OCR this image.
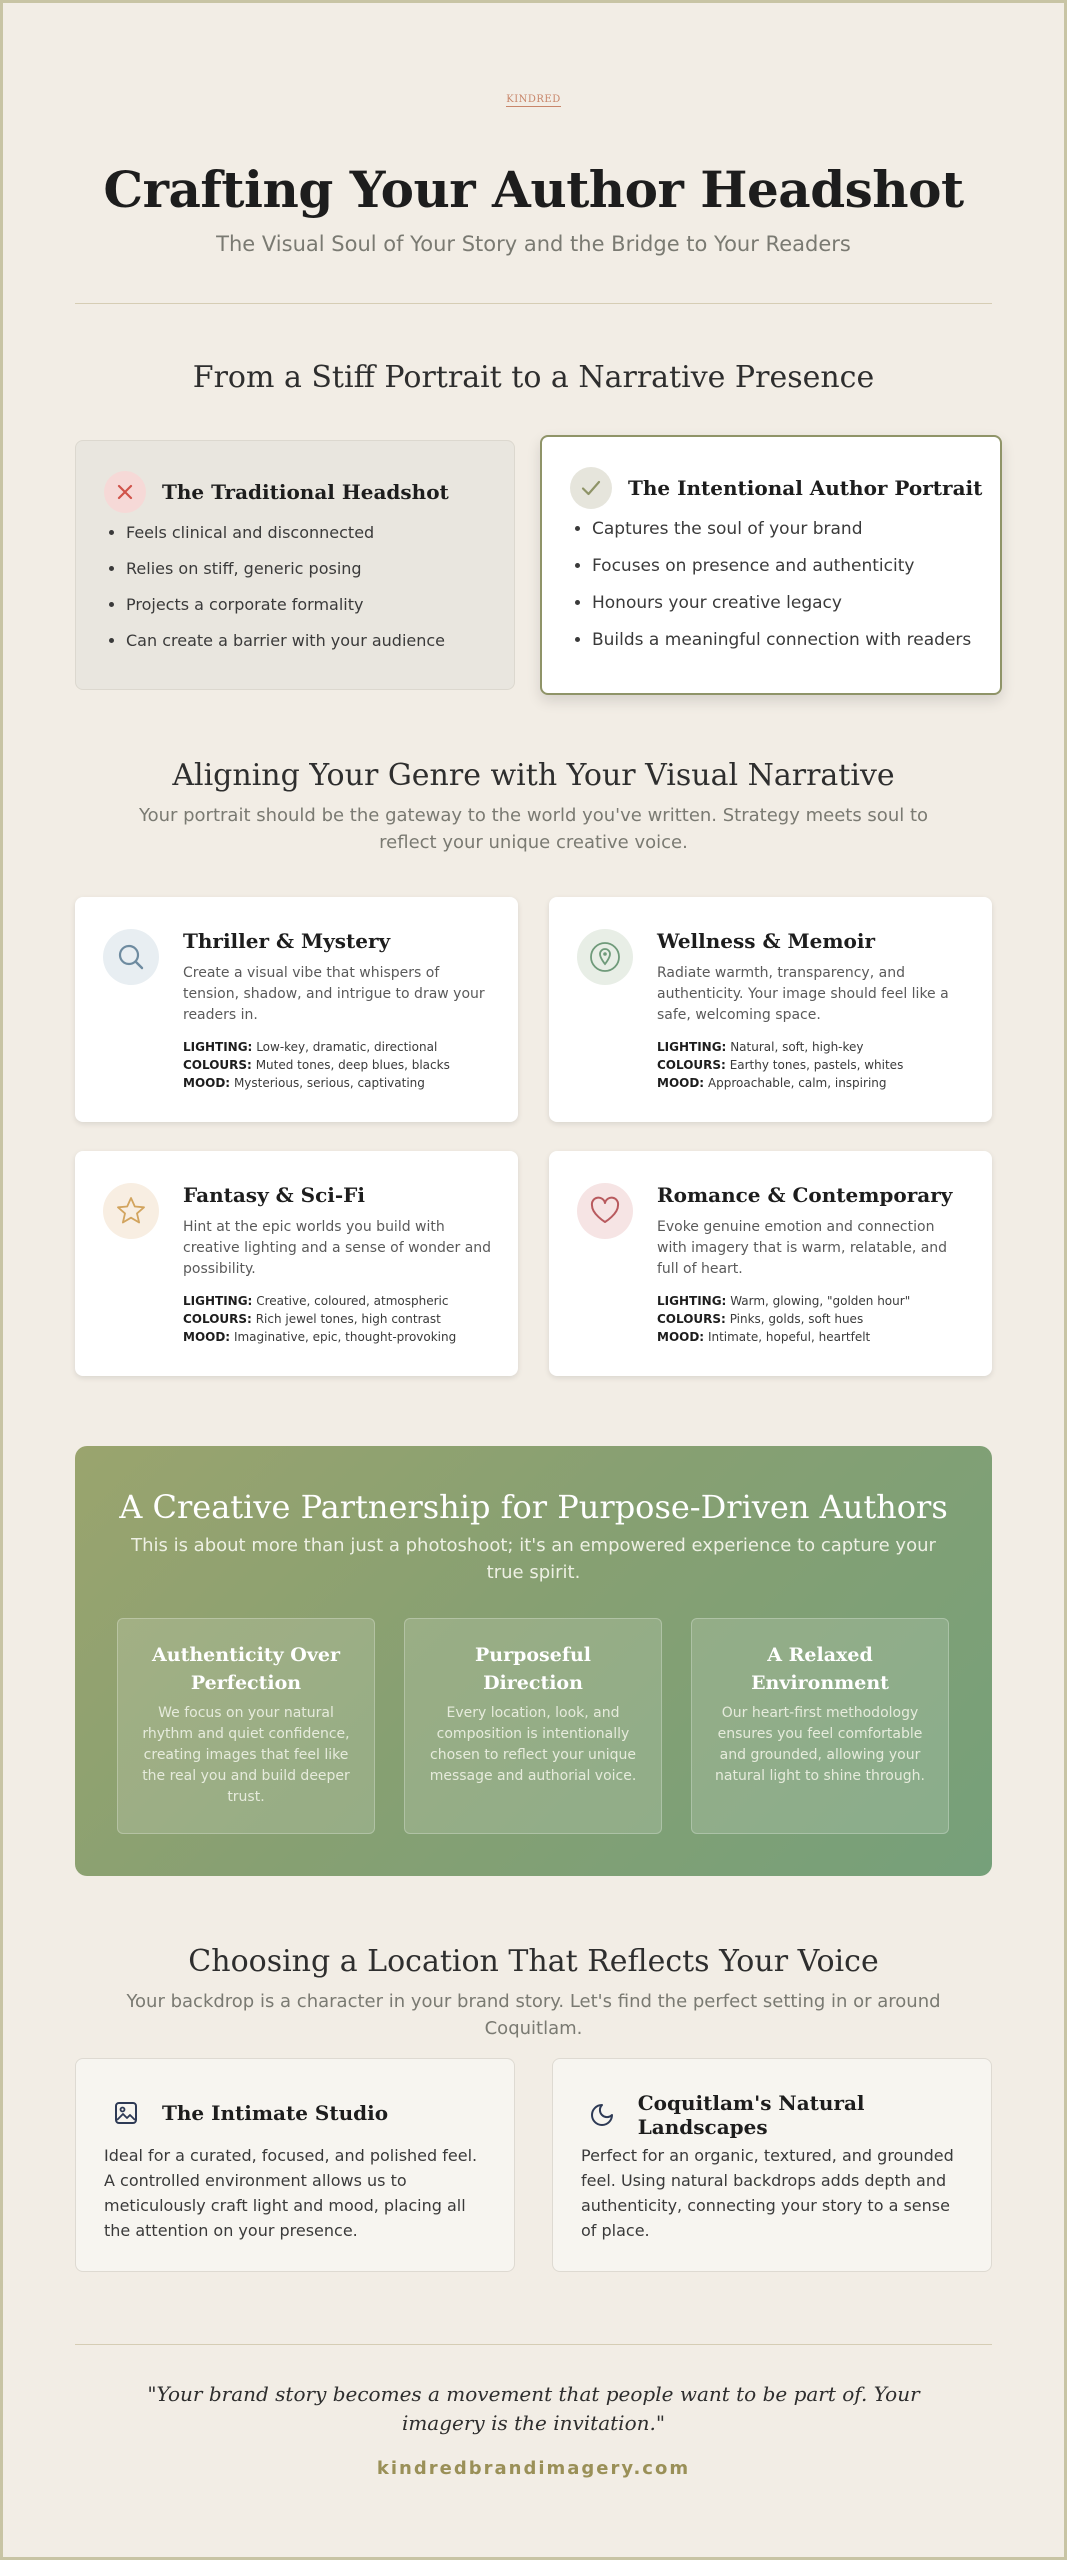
KINDRED
Crafting Your Author Headshot
The Visual Soul of Your Story and the Bridge to Your Readers
From a Stiff Portrait to a Narrative Presence
The Traditional Headshot
• Feels clinical and disconnected
• Relies on stiff, generic posing
• Projects a corporate formality
• Can create a barrier with your audience
The Intentional Author Portrait
• Captures the soul of your brand
• Focuses on presence and authenticity
• Honours your creative legacy
• Builds a meaningful connection with readers
Aligning Your Genre with Your Visual Narrative
Your portrait should be the gateway to the world you've written. Strategy meets soul to reflect your unique creative voice.
Thriller & Mystery
Create a visual vibe that whispers of tension, shadow, and intrigue to draw your readers in.
LIGHTING: Low-key, dramatic, directional
COLOURS: Muted tones, deep blues, blacks
MOOD: Mysterious, serious, captivating
Wellness & Memoir
Radiate warmth, transparency, and authenticity. Your image should feel like a safe, welcoming space.
LIGHTING: Natural, soft, high-key
COLOURS: Earthy tones, pastels, whites
MOOD: Approachable, calm, inspiring
Fantasy & Sci-Fi
Hint at the epic worlds you build with creative lighting and a sense of wonder and possibility.
LIGHTING: Creative, coloured, atmospheric
COLOURS: Rich jewel tones, high contrast
MOOD: Imaginative, epic, thought-provoking
Romance & Contemporary
Evoke genuine emotion and connection with imagery that is warm, relatable, and full of heart.
LIGHTING: Warm, glowing, "golden hour"
COLOURS: Pinks, golds, soft hues
MOOD: Intimate, hopeful, heartfelt
A Creative Partnership for Purpose-Driven Authors
This is about more than just a photoshoot; it's an empowered experience to capture your true spirit.
Authenticity Over Perfection
We focus on your natural rhythm and quiet confidence, creating images that feel like the real you and build deeper trust.
Purposeful Direction
Every location, look, and composition is intentionally chosen to reflect your unique message and authorial voice.
A Relaxed Environment
Our heart-first methodology ensures you feel comfortable and grounded, allowing your natural light to shine through.
Choosing a Location That Reflects Your Voice
Your backdrop is a character in your brand story. Let's find the perfect setting in or around Coquitlam.
The Intimate Studio
Ideal for a curated, focused, and polished feel. A controlled environment allows us to meticulously craft light and mood, placing all the attention on your presence.
Coquitlam's Natural Landscapes
Perfect for an organic, textured, and grounded feel. Using natural backdrops adds depth and authenticity, connecting your story to a sense of place.
"Your brand story becomes a movement that people want to be part of. Your imagery is the invitation."
kindredbrandimagery.com
